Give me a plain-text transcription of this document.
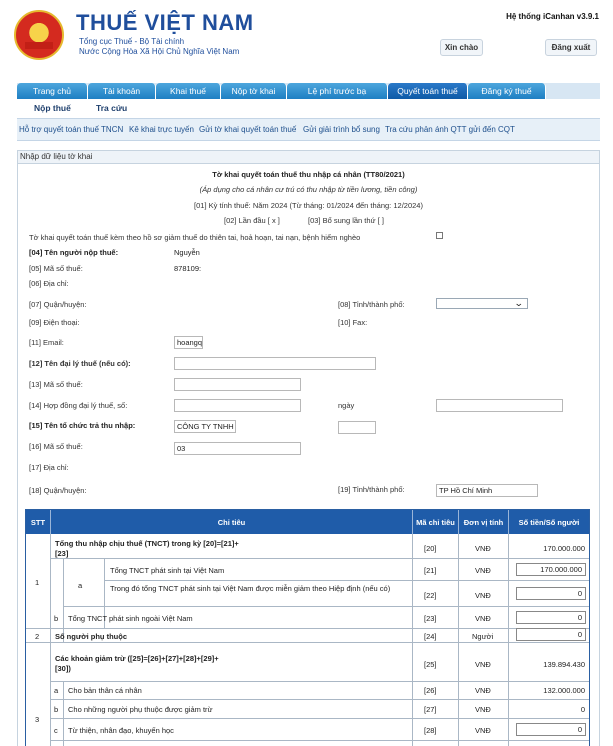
★ THUẾ VIỆT NAM
Tổng cục Thuế - Bộ Tài chính
Nước Cộng Hòa Xã Hội Chủ Nghĩa Việt Nam
Hệ thống iCanhan v3.9.1
Xin chào	Đăng xuất
Trang chủ	Tài khoản	Khai thuế	Nộp tờ khai	Lệ phí trước bạ	Quyết toán thuế	Đăng ký thuế
Nộp thuế	Tra cứu
Hỗ trợ quyết toán thuế TNCN Kê khai trực tuyến Gửi tờ khai quyết toán thuế Gửi giải trình bổ sung Tra cứu phản ánh QTT gửi đến CQT
Nhập dữ liệu tờ khai
Tờ khai quyết toán thuế thu nhập cá nhân (TT80/2021)
(Áp dụng cho cá nhân cư trú có thu nhập từ tiền lương, tiền công)
[01] Kỳ tính thuế: Năm 2024 (Từ tháng: 01/2024 đến tháng: 12/2024)
[02] Lần đầu [ x ]	[03] Bổ sung lần thứ [ ]
Tờ khai quyết toán thuế kèm theo hồ sơ giảm thuế do thiên tai, hoả hoạn, tai nạn, bệnh hiểm nghèo
[04] Tên người nộp thuế:	Nguyễn
[05] Mã số thuế:	878109:
[06] Địa chỉ:
[07] Quận/huyện:	[08] Tỉnh/thành phố:	⌄
[09] Điện thoại:	[10] Fax:
[11] Email:	hoangq
[12] Tên đại lý thuế (nếu có):
[13] Mã số thuế:
[14] Hợp đồng đại lý thuế, số:	ngày
[15] Tên tổ chức trả thu nhập:	CÔNG TY TNHH
[16] Mã số thuế:	03
[17] Địa chỉ:
[18] Quận/huyện:	[19] Tỉnh/thành phố:	TP Hồ Chí Minh
STT	Chỉ tiêu	Mã chỉ tiêu	Đơn vị tính	Số tiền/Số người
Tổng thu nhập chịu thuế (TNCT) trong kỳ [20]=[21]+[23]	[20]	VNĐ	170.000.000
1	a
Tổng TNCT phát sinh tại Việt Nam	[21]	VNĐ	170.000.000
Trong đó tổng TNCT phát sinh tại Việt Nam được miễn giảm theo Hiệp định (nếu có)
[22]	VNĐ	0
b Tổng TNCT phát sinh ngoài Việt Nam	[23]	VNĐ	0
2 Số người phụ thuộc	[24]	Người	0
Các khoản giảm trừ ([25]=[26]+[27]+[28]+[29]+[30])	[25]	VNĐ	139.894.430
3
a Cho bản thân cá nhân	[26]	VNĐ	132.000.000
b Cho những người phụ thuộc được giảm trừ	[27]	VNĐ	0
c Từ thiện, nhân đạo, khuyến học	[28]	VNĐ	0
